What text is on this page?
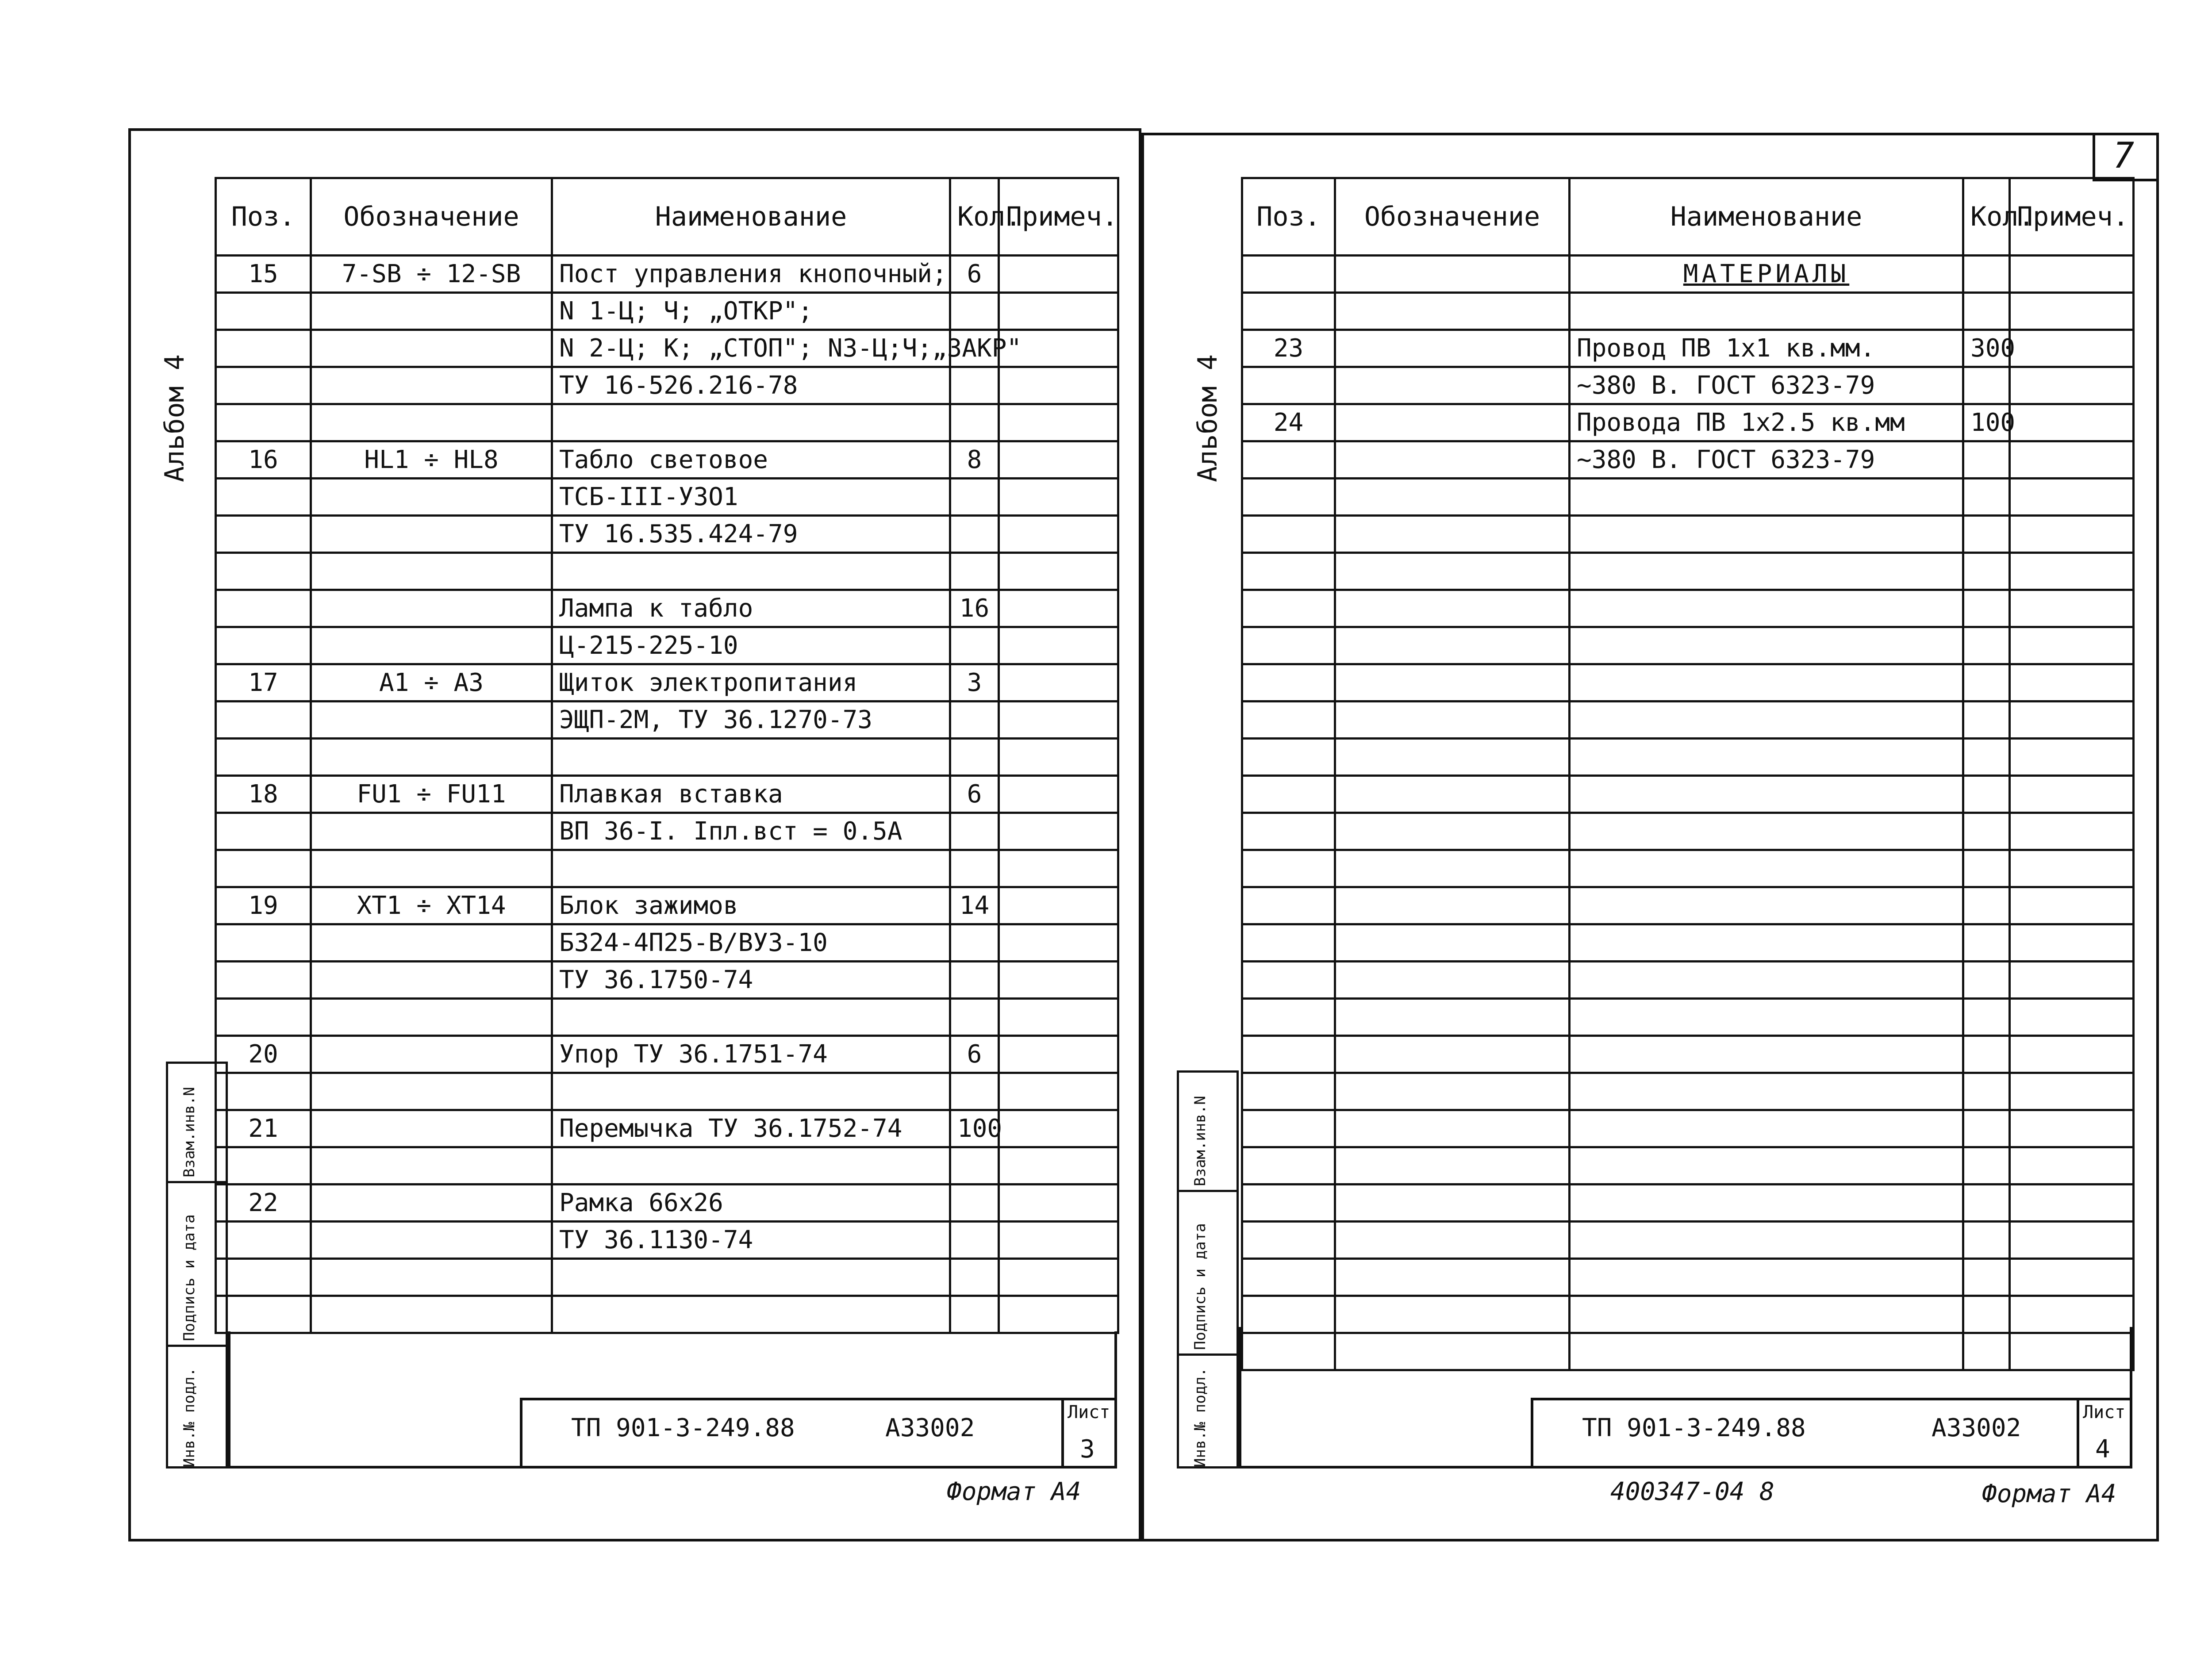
7
Альбом 4
Поз.	Обозначение	Наименование	Кол.	Примеч.
15	7-SB ÷ 12-SB	Пост управления кнопочный;	6	
		N 1-Ц; Ч; „ОТКР";		
		N 2-Ц; К; „СТОП"; N3-Ц;Ч;„ЗАКР"		
		ТУ 16-526.216-78		

16	HL1 ÷ HL8	Табло световое	8	
		ТСБ-III-У3О1		
		ТУ 16.535.424-79		

		Лампа к табло	16	
		Ц-215-225-10		
17	A1 ÷ A3	Щиток электропитания	3	
		ЭЩП-2М, ТУ 36.1270-73		

18	FU1 ÷ FU11	Плавкая вставка	6	
		ВП 36-I. Iпл.вст = 0.5А		

19	XT1 ÷ XT14	Блок зажимов	14	
		Б324-4П25-В/ВУ3-10		
		ТУ 36.1750-74		

20		Упор ТУ 36.1751-74	6	

21		Перемычка ТУ 36.1752-74	100	

22		Рамка 66x26		
		ТУ 36.1130-74		

Взам.инв.N
Подпись и дата
Инв.№ подл.	ТП 901-3-249.88	А33002
Лист
3
Формат А4
Альбом 4
Поз.	Обозначение	Наименование	Кол.	Примеч.
		МАТЕРИАЛЫ		

23		Провод ПВ 1x1 кв.мм.	300	
		~380 В. ГОСТ 6323-79		
24		Провода ПВ 1x2.5 кв.мм	100	
		~380 В. ГОСТ 6323-79		

Взам.инв.N
Подпись и дата
Инв.№ подл.	ТП 901-3-249.88	А33002
Лист
4
400347-04 8	Формат А4
